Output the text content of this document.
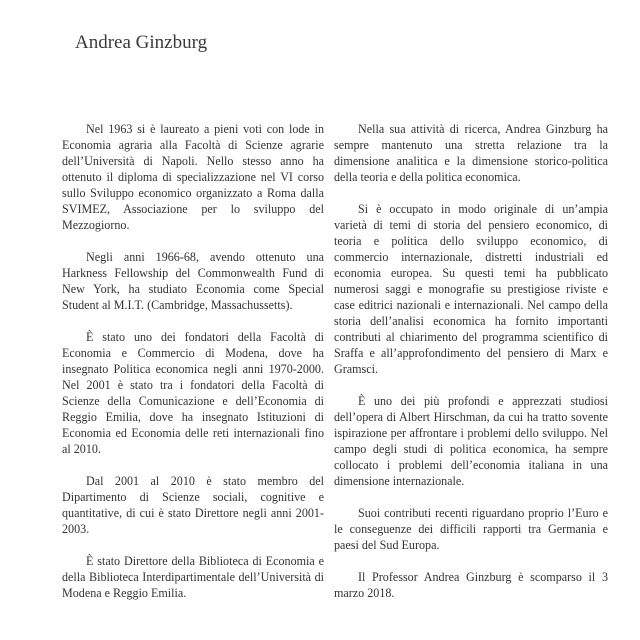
Andrea Ginzburg

Nel 1963 si è laureato a pieni voti con lode in Economia agraria alla Facoltà di Scienze agrarie dell’Università di Napoli. Nello stesso anno ha ottenuto il diploma di specializzazione nel VI corso sullo Sviluppo economico organizzato a Roma dalla SVIMEZ, Associazione per lo sviluppo del Mezzogiorno.

Negli anni 1966-68, avendo ottenuto una Harkness Fellowship del Commonwealth Fund di New York, ha studiato Economia come Special Student al M.I.T. (Cambridge, Massachussetts).

È stato uno dei fondatori della Facoltà di Economia e Commercio di Modena, dove ha insegnato Politica economica negli anni 1970-2000. Nel 2001 è stato tra i fondatori della Facoltà di Scienze della Comunicazione e dell’Economia di Reggio Emilia, dove ha insegnato Istituzioni di Economia ed Economia delle reti internazionali fino al 2010.

Dal 2001 al 2010 è stato membro del Dipartimento di Scienze sociali, cognitive e quantitative, di cui è stato Direttore negli anni 2001-2003.

È stato Direttore della Biblioteca di Economia e della Biblioteca Interdipartimentale dell’Università di Modena e Reggio Emilia.

Nella sua attività di ricerca, Andrea Ginzburg ha sempre mantenuto una stretta relazione tra la dimensione analitica e la dimensione storico-politica della teoria e della politica economica.

Si è occupato in modo originale di un’ampia varietà di temi di storia del pensiero economico, di teoria e politica dello sviluppo economico, di commercio internazionale, distretti industriali ed economia europea. Su questi temi ha pubblicato numerosi saggi e monografie su prestigiose riviste e case editrici nazionali e internazionali. Nel campo della storia dell’analisi economica ha fornito importanti contributi al chiarimento del programma scientifico di Sraffa e all’approfondimento del pensiero di Marx e Gramsci.

È uno dei più profondi e apprezzati studiosi dell’opera di Albert Hirschman, da cui ha tratto sovente ispirazione per affrontare i problemi dello sviluppo. Nel campo degli studi di politica economica, ha sempre collocato i problemi dell’economia italiana in una dimensione internazionale.

Suoi contributi recenti riguardano proprio l’Euro e le conseguenze dei difficili rapporti tra Germania e paesi del Sud Europa.

Il Professor Andrea Ginzburg è scomparso il 3 marzo 2018.
